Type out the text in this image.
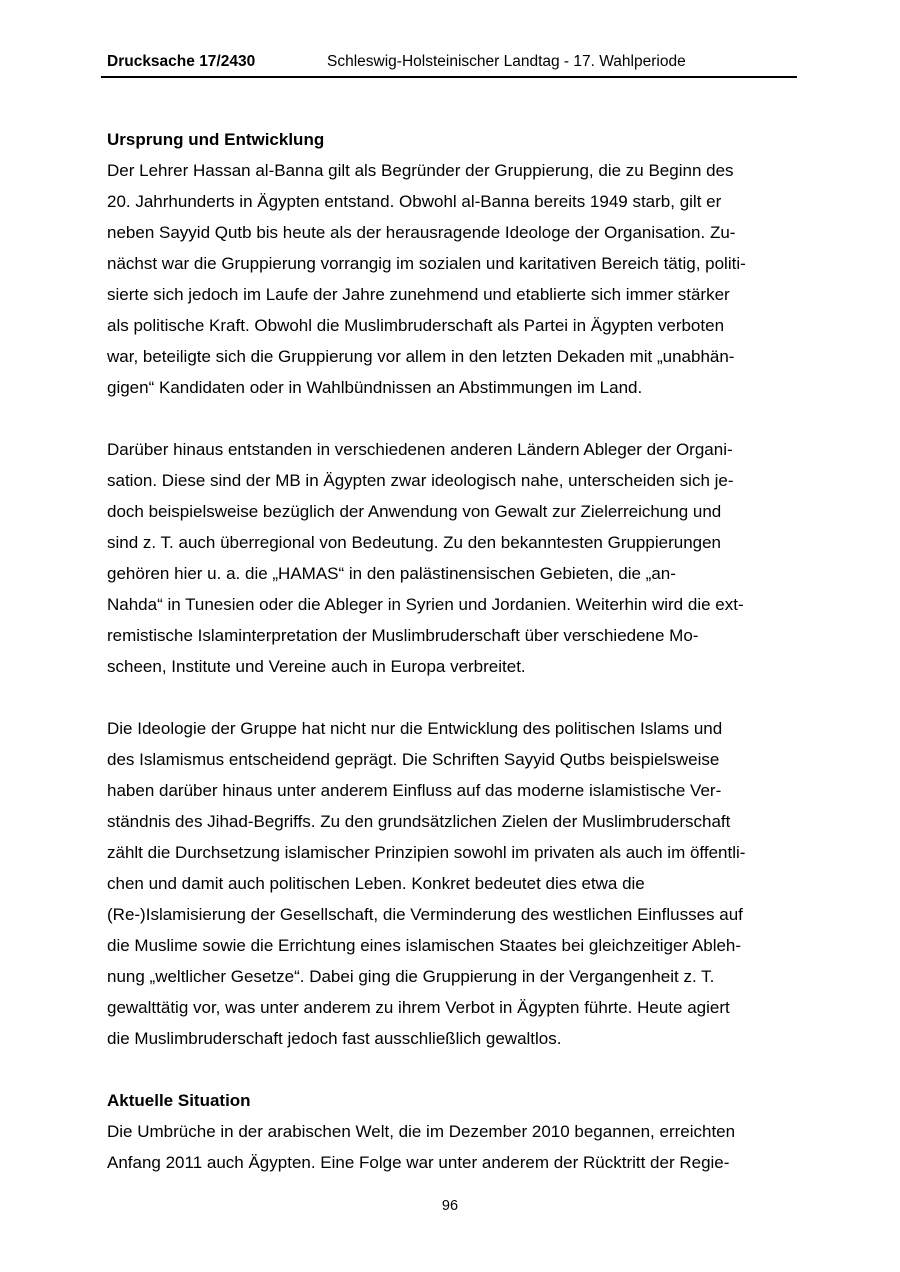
Drucksache 17/2430	Schleswig-Holsteinischer Landtag - 17. Wahlperiode
Ursprung und Entwicklung
Der Lehrer Hassan al-Banna gilt als Begründer der Gruppierung, die zu Beginn des
20. Jahrhunderts in Ägypten entstand. Obwohl al-Banna bereits 1949 starb, gilt er
neben Sayyid Qutb bis heute als der herausragende Ideologe der Organisation. Zu-
nächst war die Gruppierung vorrangig im sozialen und karitativen Bereich tätig, politi-
sierte sich jedoch im Laufe der Jahre zunehmend und etablierte sich immer stärker
als politische Kraft. Obwohl die Muslimbruderschaft als Partei in Ägypten verboten
war, beteiligte sich die Gruppierung vor allem in den letzten Dekaden mit „unabhän-
gigen“ Kandidaten oder in Wahlbündnissen an Abstimmungen im Land.
Darüber hinaus entstanden in verschiedenen anderen Ländern Ableger der Organi-
sation. Diese sind der MB in Ägypten zwar ideologisch nahe, unterscheiden sich je-
doch beispielsweise bezüglich der Anwendung von Gewalt zur Zielerreichung und
sind z. T. auch überregional von Bedeutung. Zu den bekanntesten Gruppierungen
gehören hier u. a. die „HAMAS“ in den palästinensischen Gebieten, die „an-
Nahda“ in Tunesien oder die Ableger in Syrien und Jordanien. Weiterhin wird die ext-
remistische Islaminterpretation der Muslimbruderschaft über verschiedene Mo-
scheen, Institute und Vereine auch in Europa verbreitet.
Die Ideologie der Gruppe hat nicht nur die Entwicklung des politischen Islams und
des Islamismus entscheidend geprägt. Die Schriften Sayyid Qutbs beispielsweise
haben darüber hinaus unter anderem Einfluss auf das moderne islamistische Ver-
ständnis des Jihad-Begriffs. Zu den grundsätzlichen Zielen der Muslimbruderschaft
zählt die Durchsetzung islamischer Prinzipien sowohl im privaten als auch im öffentli-
chen und damit auch politischen Leben. Konkret bedeutet dies etwa die
(Re-)Islamisierung der Gesellschaft, die Verminderung des westlichen Einflusses auf
die Muslime sowie die Errichtung eines islamischen Staates bei gleichzeitiger Ableh-
nung „weltlicher Gesetze“. Dabei ging die Gruppierung in der Vergangenheit z. T.
gewalttätig vor, was unter anderem zu ihrem Verbot in Ägypten führte. Heute agiert
die Muslimbruderschaft jedoch fast ausschließlich gewaltlos.
Aktuelle Situation
Die Umbrüche in der arabischen Welt, die im Dezember 2010 begannen, erreichten
Anfang 2011 auch Ägypten. Eine Folge war unter anderem der Rücktritt der Regie-
96
